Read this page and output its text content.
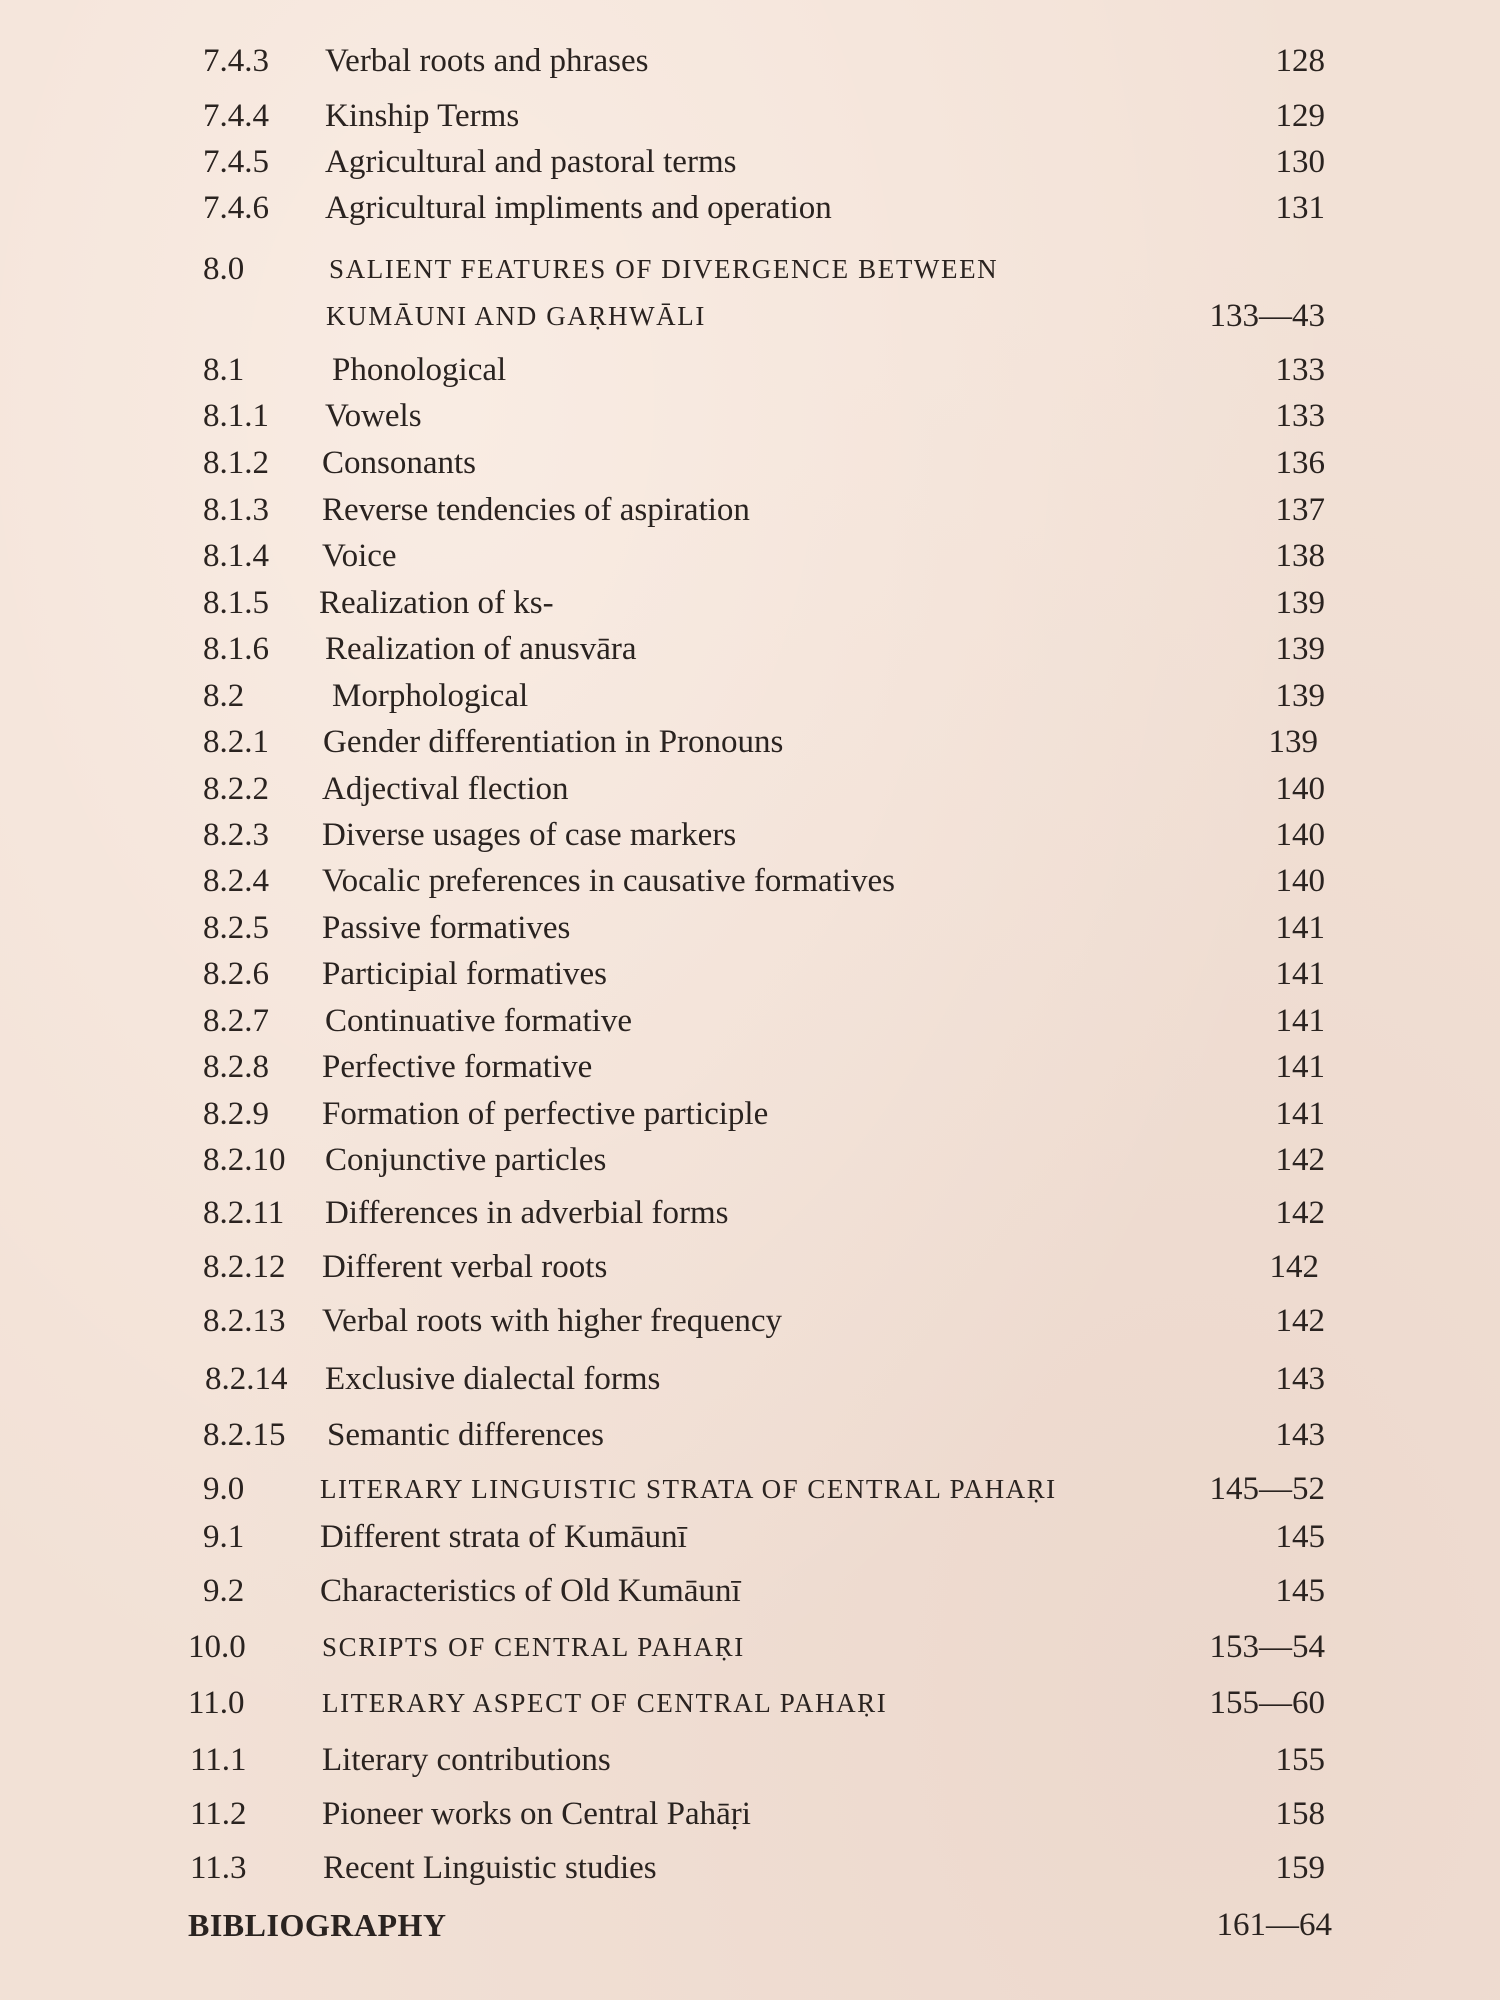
7.4.3 Verbal roots and phrases	128
7.4.4 Kinship Terms	129
7.4.5 Agricultural and pastoral terms	130
7.4.6 Agricultural impliments and operation	131
8.0	SALIENT FEATURES OF DIVERGENCE BETWEEN
KUMĀUNI AND GAṚHWĀLI	133—43
8.1	Phonological	133
8.1.1 Vowels	133
8.1.2 Consonants	136
8.1.3 Reverse tendencies of aspiration	137
8.1.4 Voice	138
8.1.5 Realization of ks-	139
8.1.6 Realization of anusvāra	139
8.2	Morphological	139
8.2.1 Gender differentiation in Pronouns	139
8.2.2 Adjectival flection	140
8.2.3 Diverse usages of case markers	140
8.2.4 Vocalic preferences in causative formatives	140
8.2.5 Passive formatives	141
8.2.6 Participial formatives	141
8.2.7 Continuative formative	141
8.2.8 Perfective formative	141
8.2.9 Formation of perfective participle	141
8.2.10 Conjunctive particles	142
8.2.11 Differences in adverbial forms	142
8.2.12 Different verbal roots	142
8.2.13 Verbal roots with higher frequency	142
8.2.14 Exclusive dialectal forms	143
8.2.15 Semantic differences	143
9.0	LITERARY LINGUISTIC STRATA OF CENTRAL PAHAṚI	145—52
9.1 Different strata of Kumāunī	145
9.2 Characteristics of Old Kumāunī	145
10.0	SCRIPTS OF CENTRAL PAHAṚI	153—54
11.0	LITERARY ASPECT OF CENTRAL PAHAṚI	155—60
11.1 Literary contributions	155
11.2 Pioneer works on Central Pahāṛi	158
11.3 Recent Linguistic studies	159
BIBLIOGRAPHY	161—64
